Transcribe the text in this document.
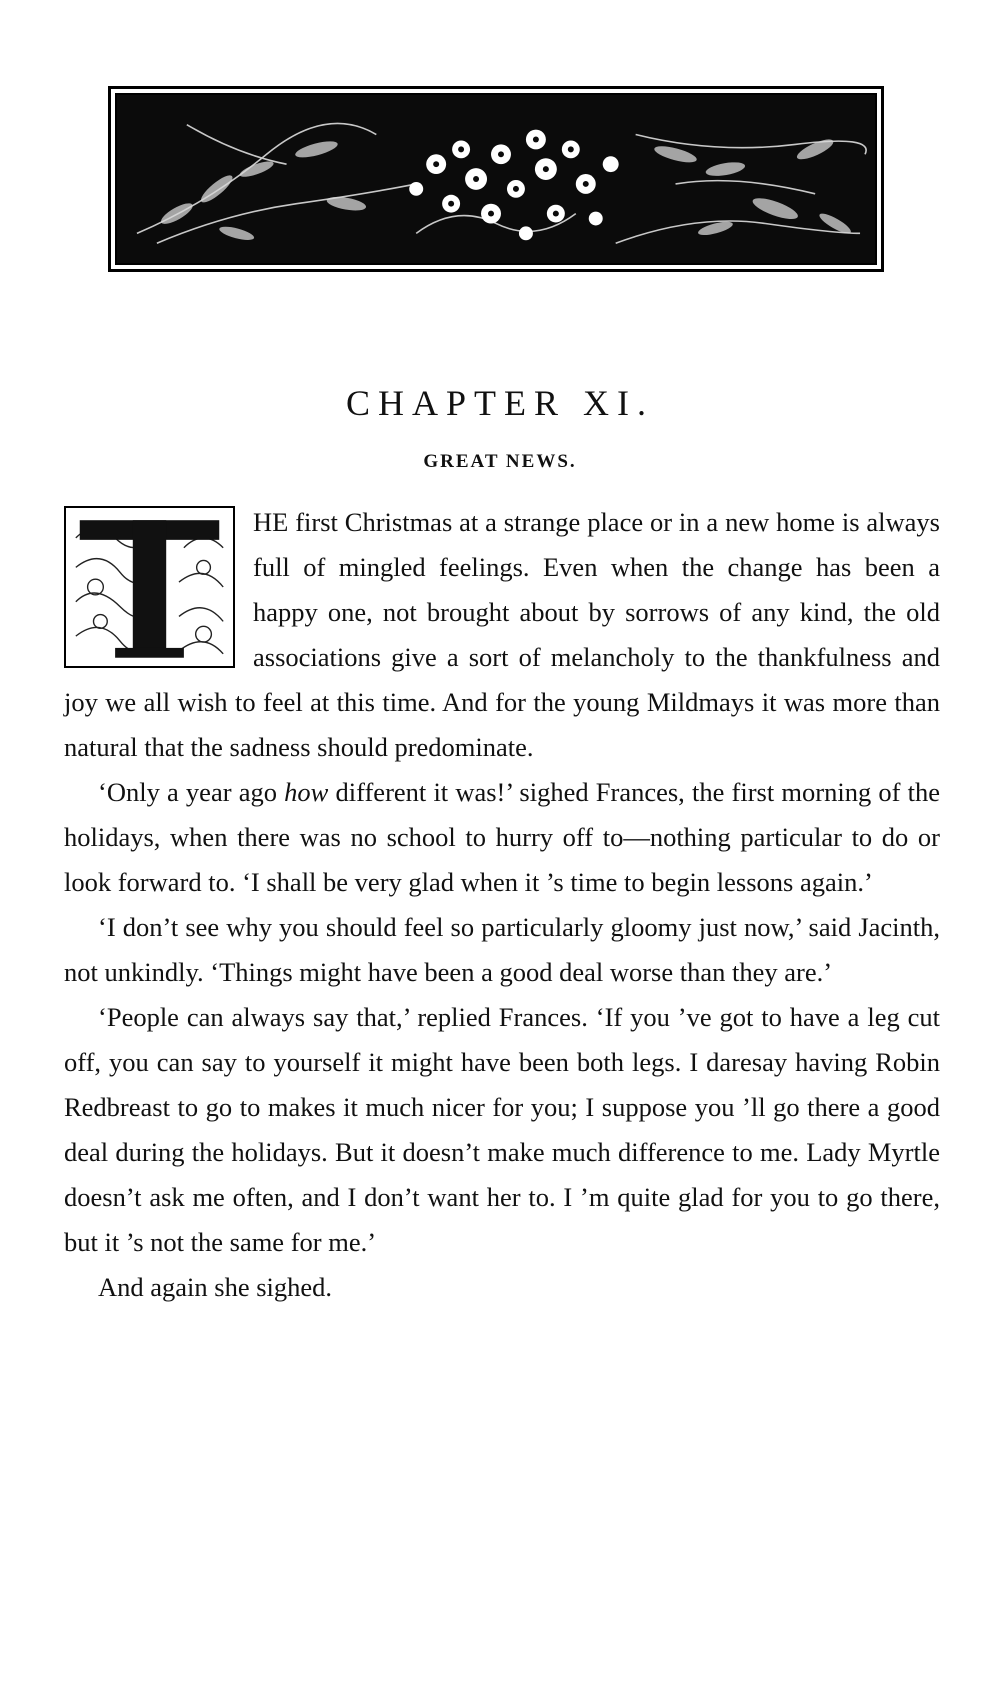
CHAPTER XI.
GREAT NEWS.

HE first Christmas at a strange place or in a new home is always full of mingled feelings. Even when the change has been a happy one, not brought about by sorrows of any kind, the old associations give a sort of melancholy to the thankfulness and joy we all wish to feel at this time. And for the young Mildmays it was more than natural that the sadness should predominate.

‘Only a year ago how different it was!’ sighed Frances, the first morning of the holidays, when there was no school to hurry off to—nothing particular to do or look forward to. ‘I shall be very glad when it ’s time to begin lessons again.’

‘I don’t see why you should feel so particularly gloomy just now,’ said Jacinth, not unkindly. ‘Things might have been a good deal worse than they are.’

‘People can always say that,’ replied Frances. ‘If you ’ve got to have a leg cut off, you can say to yourself it might have been both legs. I daresay having Robin Redbreast to go to makes it much nicer for you; I suppose you ’ll go there a good deal during the holidays. But it doesn’t make much difference to me. Lady Myrtle doesn’t ask me often, and I don’t want her to. I ’m quite glad for you to go there, but it ’s not the same for me.’

And again she sighed.
